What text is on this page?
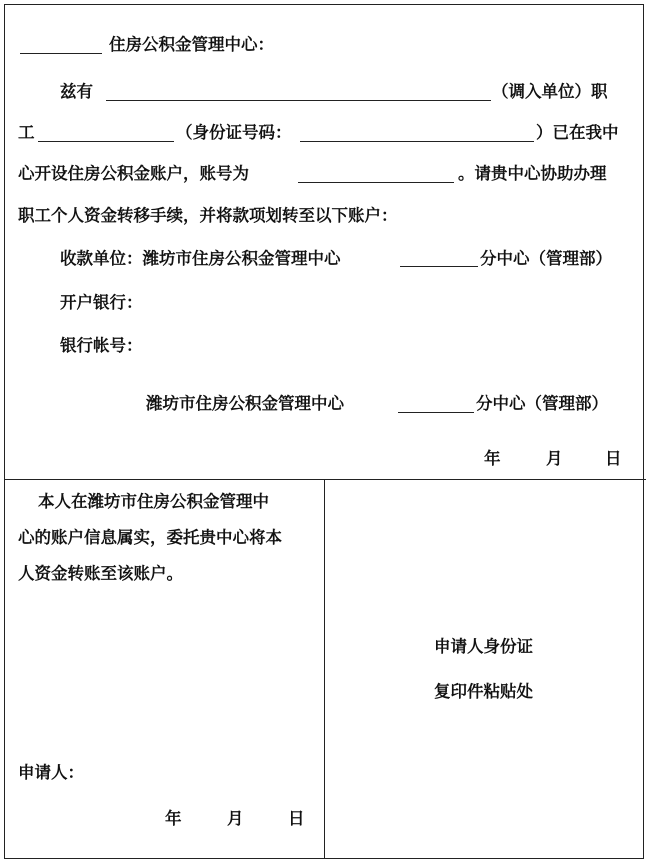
住房公积金管理中心：
兹有	（调入单位）职
工	（身份证号码：	）已在我中
心开设住房公积金账户，账号为	。请贵中心协助办理
职工个人资金转移手续，并将款项划转至以下账户：
收款单位：潍坊市住房公积金管理中心	分中心（管理部）
开户银行：
银行帐号：
潍坊市住房公积金管理中心	分中心（管理部）
年	月	日
本人在潍坊市住房公积金管理中
心的账户信息属实，委托贵中心将本
人资金转账至该账户。
申请人：
年	月	日
申请人身份证
复印件粘贴处
